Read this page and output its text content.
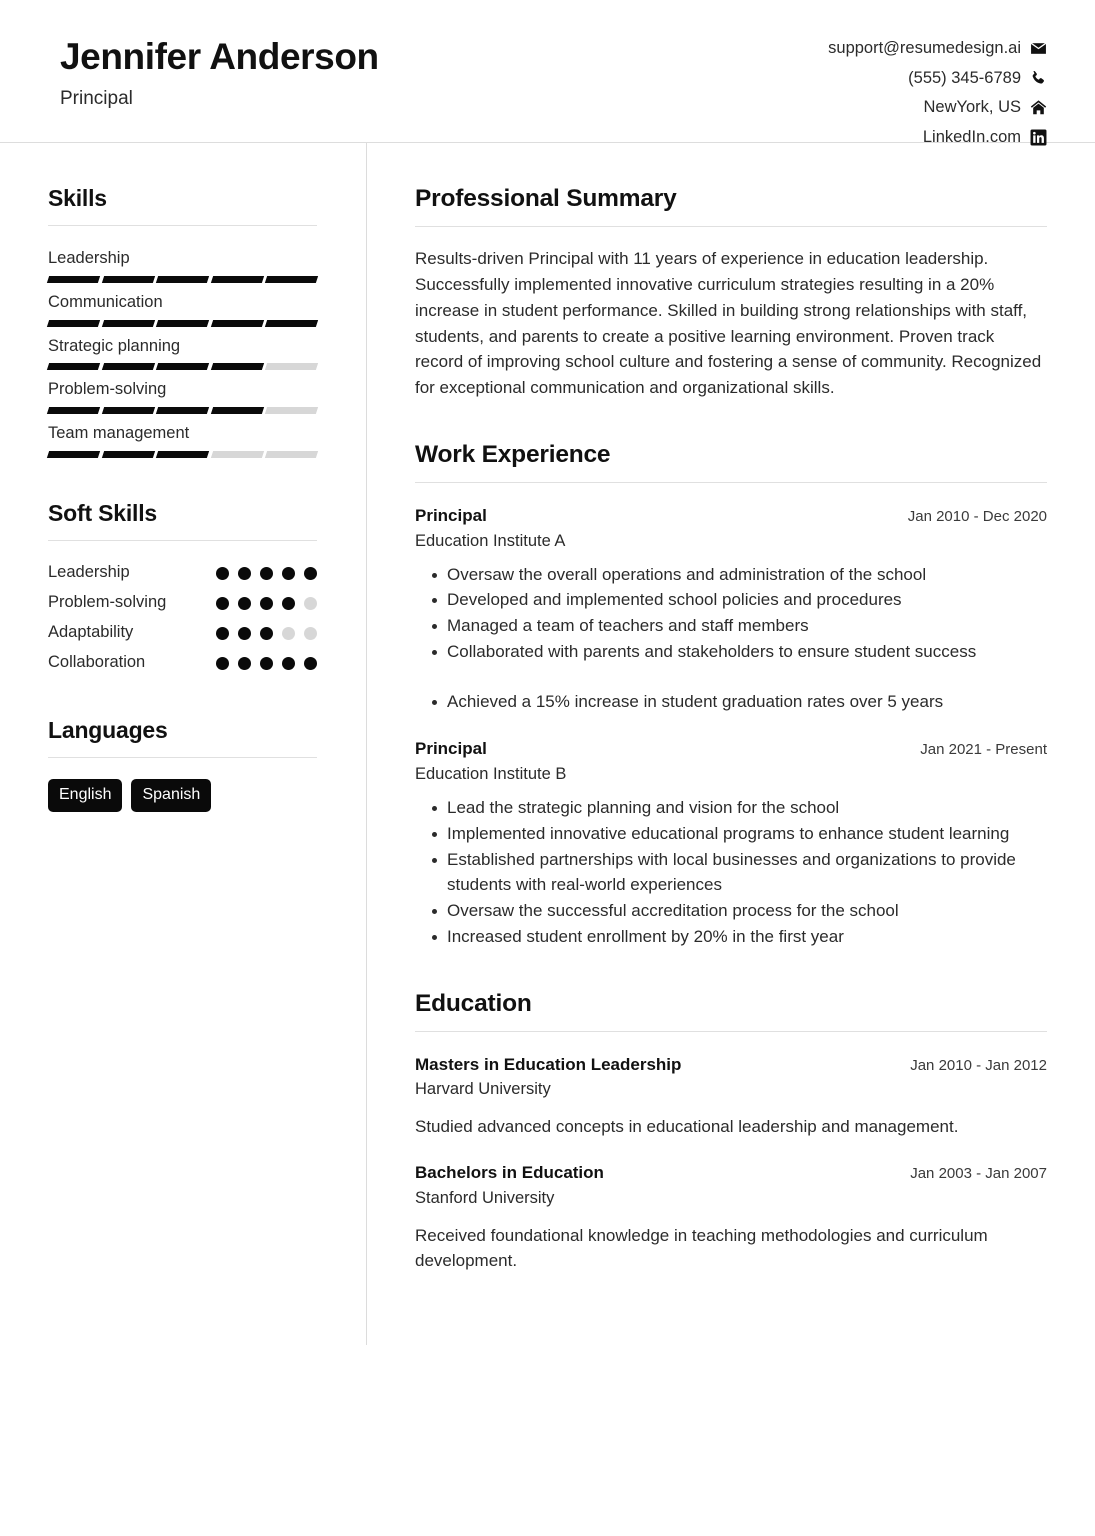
Jennifer Anderson
Principal
support@resumedesign.ai
(555) 345-6789
NewYork, US
LinkedIn.com
Skills
Leadership
Communication
Strategic planning
Problem-solving
Team management
Soft Skills
Leadership
Problem-solving
Adaptability
Collaboration
Languages
English	Spanish
Professional Summary
Results-driven Principal with 11 years of experience in education leadership. Successfully implemented innovative curriculum strategies resulting in a 20% increase in student performance. Skilled in building strong relationships with staff, students, and parents to create a positive learning environment. Proven track record of improving school culture and fostering a sense of community. Recognized for exceptional communication and organizational skills.
Work Experience
Principal	Jan 2010 - Dec 2020
Education Institute A
Oversaw the overall operations and administration of the school
Developed and implemented school policies and procedures
Managed a team of teachers and staff members
Collaborated with parents and stakeholders to ensure student success
Achieved a 15% increase in student graduation rates over 5 years
Principal	Jan 2021 - Present
Education Institute B
Lead the strategic planning and vision for the school
Implemented innovative educational programs to enhance student learning
Established partnerships with local businesses and organizations to provide students with real-world experiences
Oversaw the successful accreditation process for the school
Increased student enrollment by 20% in the first year
Education
Masters in Education Leadership	Jan 2010 - Jan 2012
Harvard University
Studied advanced concepts in educational leadership and management.
Bachelors in Education	Jan 2003 - Jan 2007
Stanford University
Received foundational knowledge in teaching methodologies and curriculum development.
